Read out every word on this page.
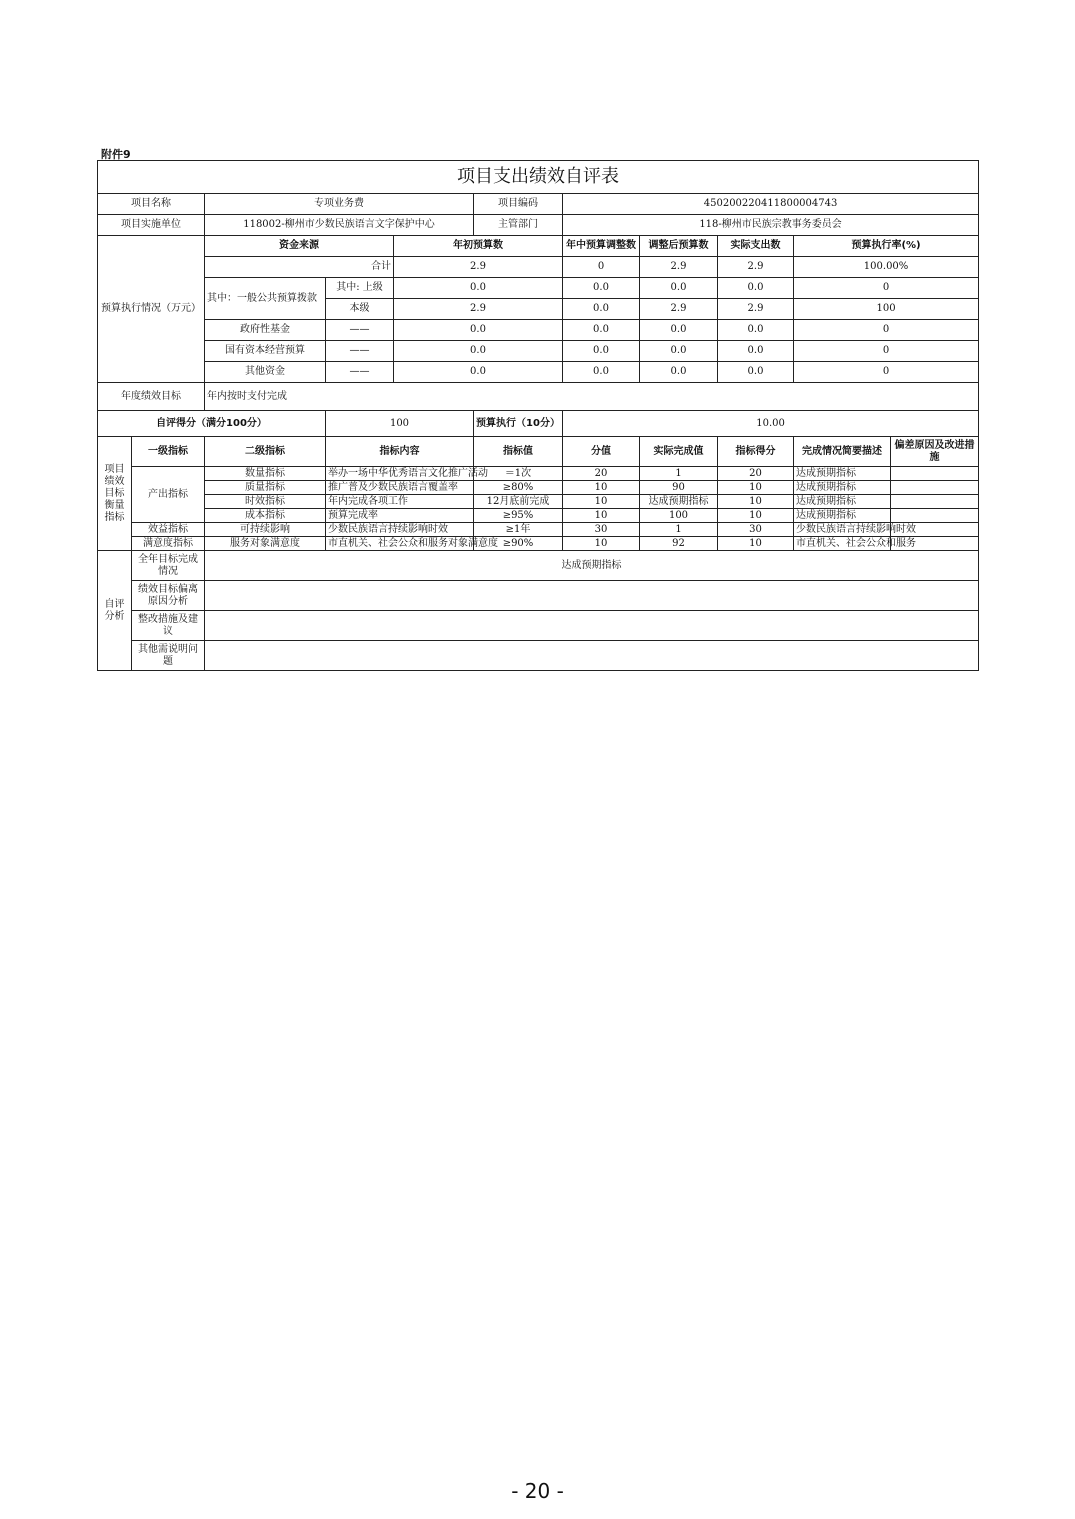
附件9
项目支出绩效自评表										
项目名称		专项业务费			项目编码	450200220411800004743				
项目实施单位		118002-柳州市少数民族语言文字保护中心			主管部门	118-柳州市民族宗教事务委员会				
预算执行情况（万元）		资金来源		年初预算数		年中预算调整数	调整后预算数	实际支出数	预算执行率(%)	
		合计		2.9		0	2.9	2.9	100.00%	
		其中：一般公共预算拨款	其中: 上级	0.0		0.0	0.0	0.0	0	
			本级	2.9		0.0	2.9	2.9	100	
		政府性基金	——	0.0		0.0	0.0	0.0	0	
		国有资本经营预算	——	0.0		0.0	0.0	0.0	0	
		其他资金	——	0.0		0.0	0.0	0.0	0	
年度绩效目标		年内按时支付完成								
自评得分（满分100分）			100		预算执行（10分）	10.00				
项目绩效目标衡量指标	一级指标	二级指标	指标内容		指标值	分值	实际完成值	指标得分	完成情况简要描述	偏差原因及改进措施
	产出指标	数量指标	举办一场中华优秀语言文化推广活动		＝1次	20	1	20	达成预期指标	
		质量指标	推广普及少数民族语言覆盖率		≥80%	10	90	10	达成预期指标	
		时效指标	年内完成各项工作		12月底前完成	10	达成预期指标	10	达成预期指标	
		成本指标	预算完成率		≥95%	10	100	10	达成预期指标	
	效益指标	可持续影响	少数民族语言持续影响时效		≥1年	30	1	30	少数民族语言持续影响时效	
	满意度指标	服务对象满意度	市直机关、社会公众和服务对象满意度		≥90%	10	92	10	市直机关、社会公众和服务	
自评分析	全年目标完成情况	达成预期指标								
	绩效目标偏离原因分析									
	整改措施及建议									
	其他需说明问题									
- 20 -
